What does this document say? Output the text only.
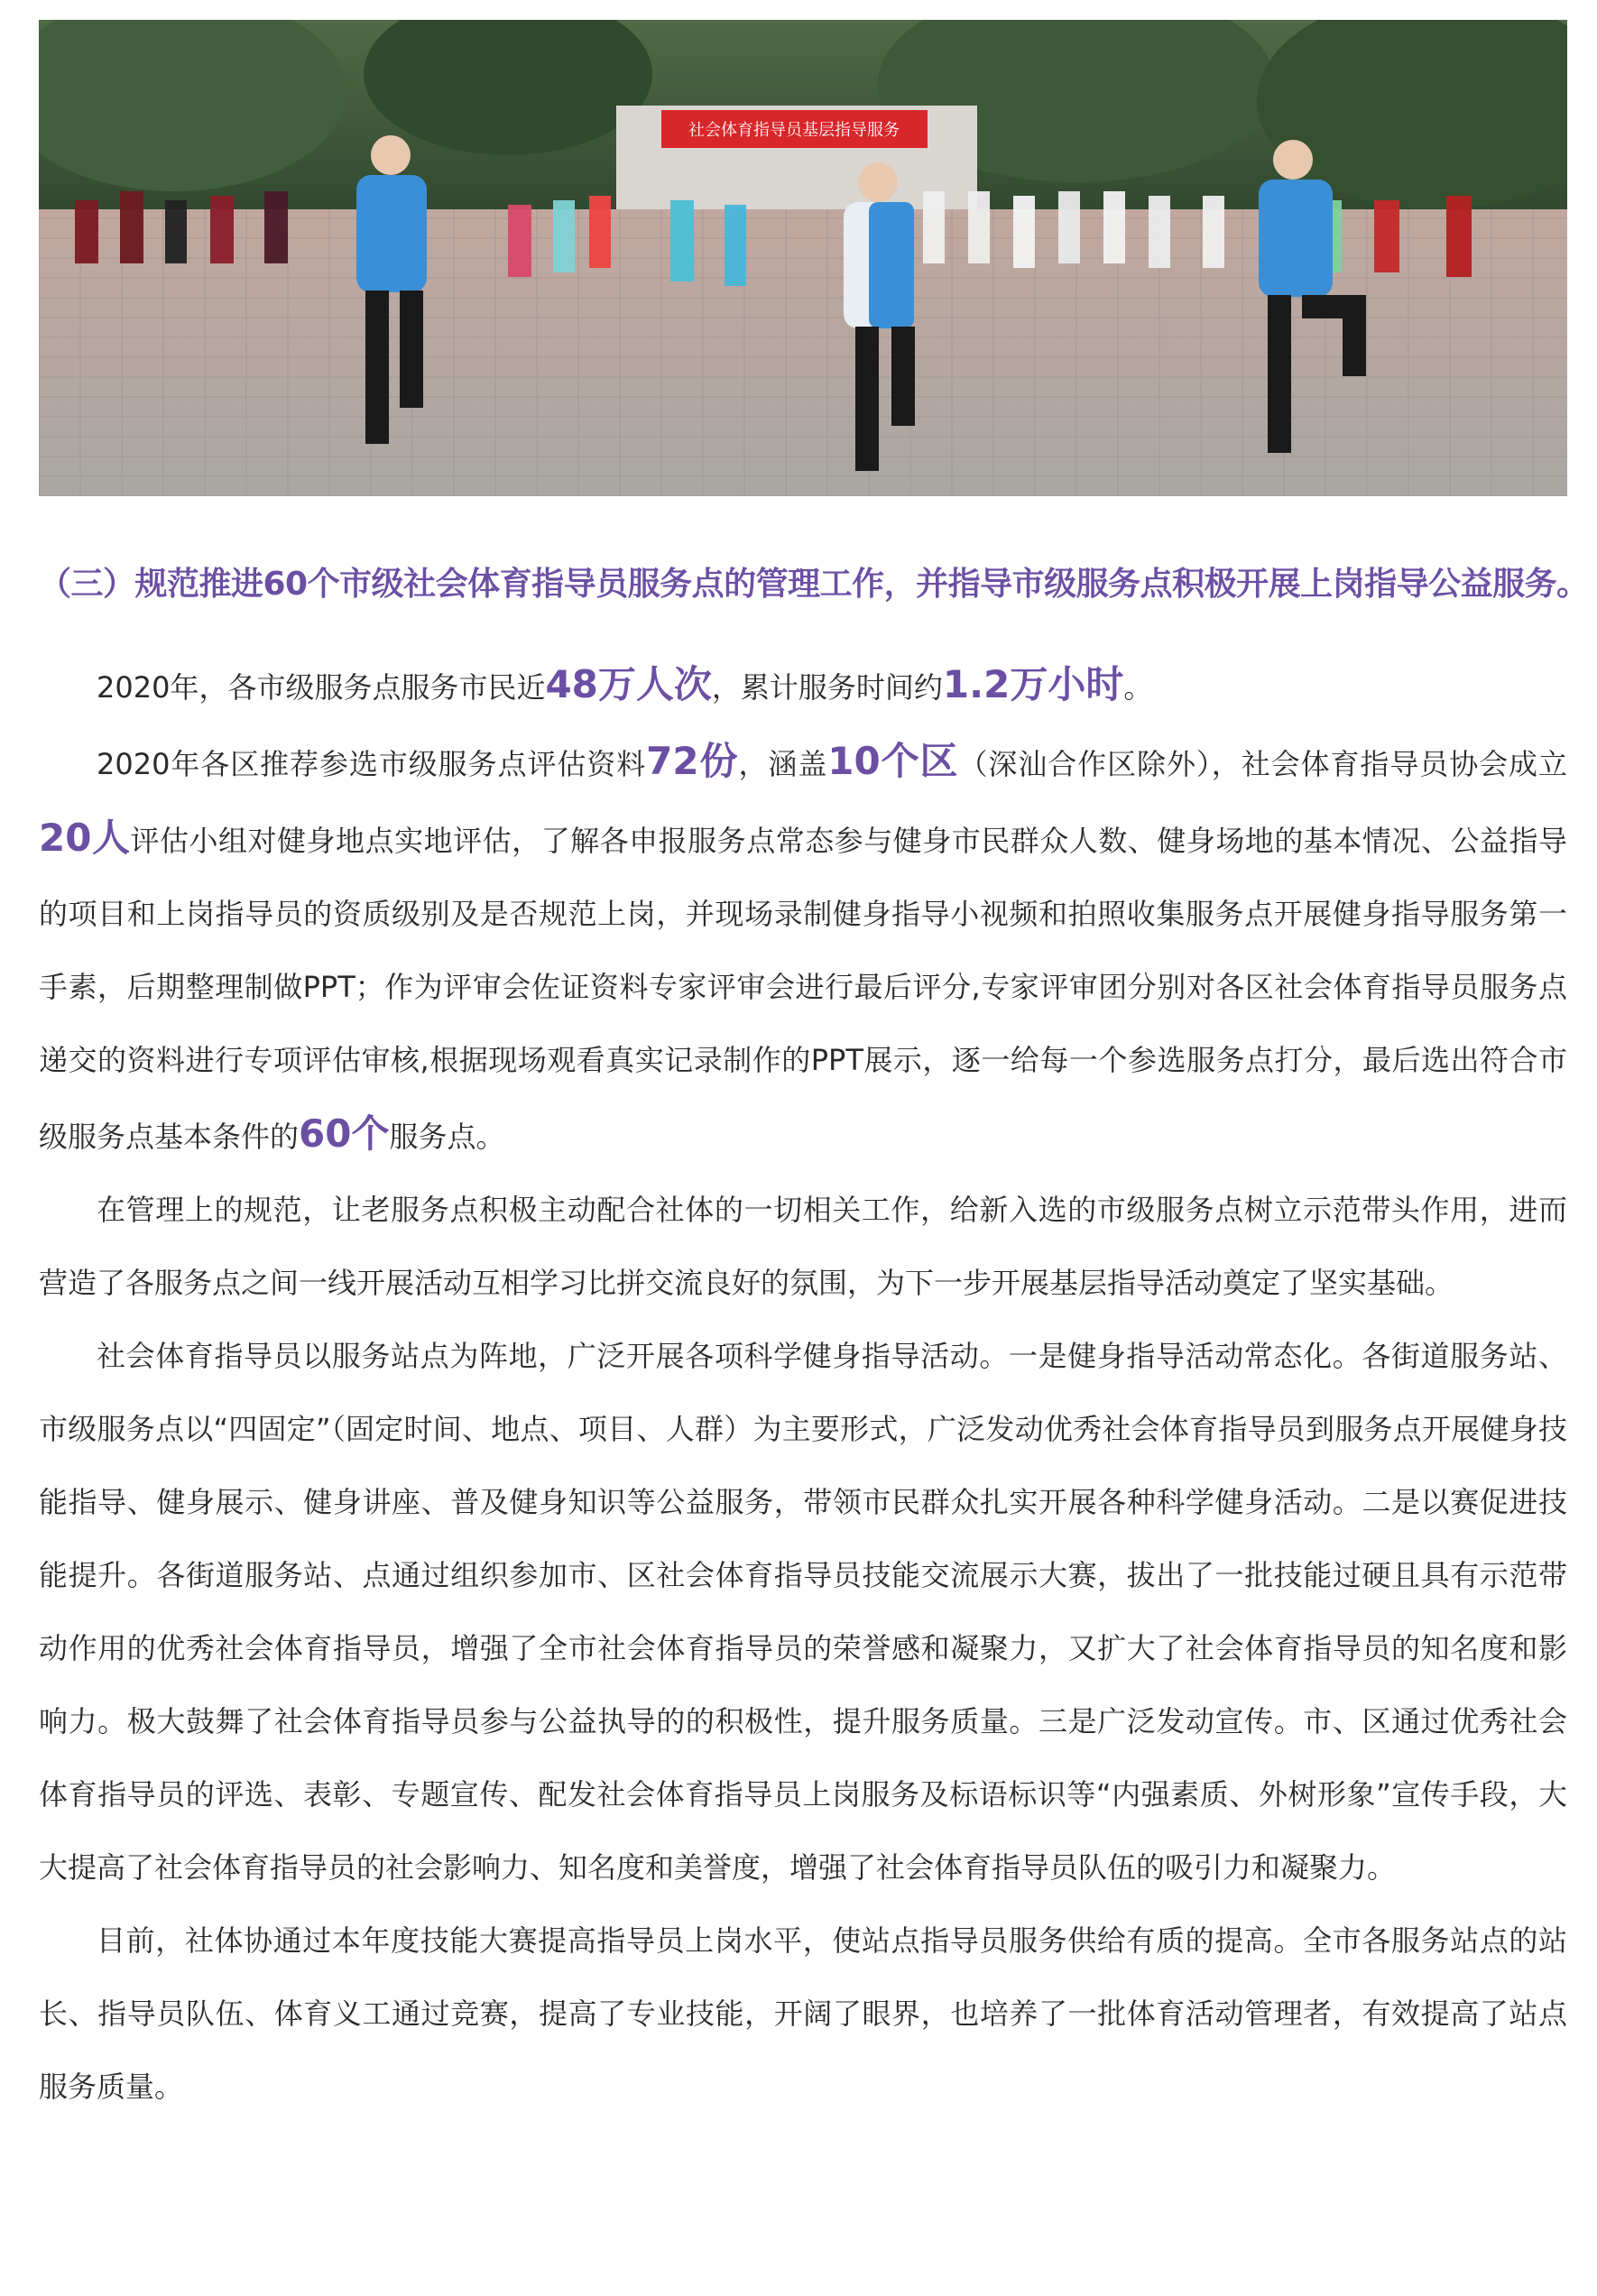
社会体育指导员基层指导服务
（三）规范推进60个市级社会体育指导员服务点的管理工作，并指导市级服务点积极开展上岗指导公益服务。

2020年，各市级服务点服务市民近48万人次，累计服务时间约1.2万小时。

2020年各区推荐参选市级服务点评估资料72份，涵盖10个区（深汕合作区除外），社会体育指导员协会成立20人评估小组对健身地点实地评估，了解各申报服务点常态参与健身市民群众人数、健身场地的基本情况、公益指导的项目和上岗指导员的资质级别及是否规范上岗，并现场录制健身指导小视频和拍照收集服务点开展健身指导服务第一手素，后期整理制做PPT；作为评审会佐证资料专家评审会进行最后评分,专家评审团分别对各区社会体育指导员服务点递交的资料进行专项评估审核,根据现场观看真实记录制作的PPT展示，逐一给每一个参选服务点打分，最后选出符合市级服务点基本条件的60个服务点。

在管理上的规范，让老服务点积极主动配合社体的一切相关工作，给新入选的市级服务点树立示范带头作用，进而营造了各服务点之间一线开展活动互相学习比拼交流良好的氛围，为下一步开展基层指导活动奠定了坚实基础。

社会体育指导员以服务站点为阵地，广泛开展各项科学健身指导活动。一是健身指导活动常态化。各街道服务站、市级服务点以“四固定”（固定时间、地点、项目、人群）为主要形式，广泛发动优秀社会体育指导员到服务点开展健身技能指导、健身展示、健身讲座、普及健身知识等公益服务，带领市民群众扎实开展各种科学健身活动。二是以赛促进技能提升。各街道服务站、点通过组织参加市、区社会体育指导员技能交流展示大赛，拔出了一批技能过硬且具有示范带动作用的优秀社会体育指导员，增强了全市社会体育指导员的荣誉感和凝聚力，又扩大了社会体育指导员的知名度和影响力。极大鼓舞了社会体育指导员参与公益执导的的积极性，提升服务质量。三是广泛发动宣传。市、区通过优秀社会体育指导员的评选、表彰、专题宣传、配发社会体育指导员上岗服务及标语标识等“内强素质、外树形象”宣传手段，大大提高了社会体育指导员的社会影响力、知名度和美誉度，增强了社会体育指导员队伍的吸引力和凝聚力。

目前，社体协通过本年度技能大赛提高指导员上岗水平，使站点指导员服务供给有质的提高。全市各服务站点的站长、指导员队伍、体育义工通过竞赛，提高了专业技能，开阔了眼界，也培养了一批体育活动管理者，有效提高了站点服务质量。
